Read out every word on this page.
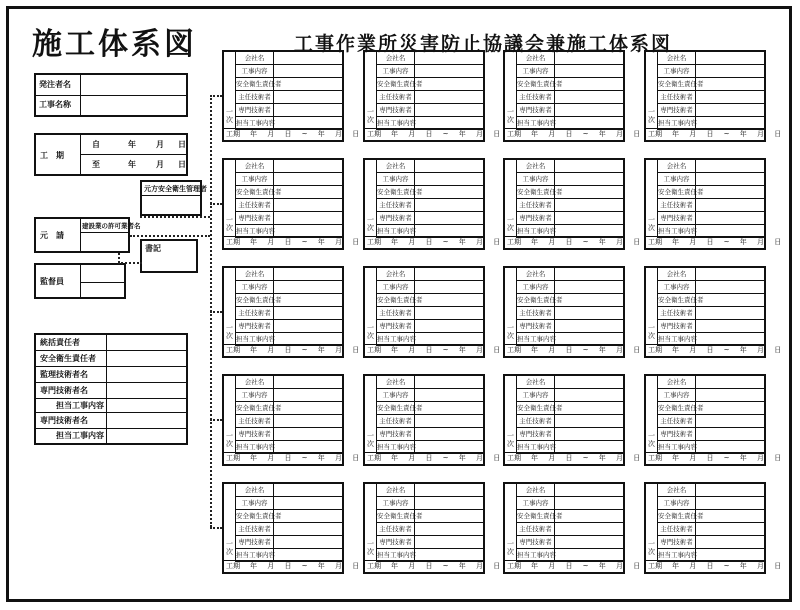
施工体系図	工事作業所災害防止協議会兼施工体系図
発注者名
工事名称
工　期
自	年	月 日
至	年	月 日
元方安全衛生管理者
元　請
建設業の許可業者名
書記
監督員
統括責任者
安全衛生責任者
監理技術者名
専門技術者名
担当工事内容
専門技術者名
担当工事内容
一次
会社名
工事内容
安全衛生責任者
主任技術者
専門技術者
担当工事内容
工期 年 月 日 ~ 年 月 日
一次
会社名
工事内容
安全衛生責任者
主任技術者
専門技術者
担当工事内容
工期 年 月 日 ~ 年 月 日
一次
会社名
工事内容
安全衛生責任者
主任技術者
専門技術者
担当工事内容
工期 年 月 日 ~ 年 月 日
一次
会社名
工事内容
安全衛生責任者
主任技術者
専門技術者
担当工事内容
工期 年 月 日 ~ 年 月 日
一次
会社名
工事内容
安全衛生責任者
主任技術者
専門技術者
担当工事内容
工期 年 月 日 ~ 年 月 日
一次
会社名
工事内容
安全衛生責任者
主任技術者
専門技術者
担当工事内容
工期 年 月 日 ~ 年 月 日
一次
会社名
工事内容
安全衛生責任者
主任技術者
専門技術者
担当工事内容
工期 年 月 日 ~ 年 月 日
一次
会社名
工事内容
安全衛生責任者
主任技術者
専門技術者
担当工事内容
工期 年 月 日 ~ 年 月 日
一次
会社名
工事内容
安全衛生責任者
主任技術者
専門技術者
担当工事内容
工期 年 月 日 ~ 年 月 日
一次
会社名
工事内容
安全衛生責任者
主任技術者
専門技術者
担当工事内容
工期 年 月 日 ~ 年 月 日
一次
会社名
工事内容
安全衛生責任者
主任技術者
専門技術者
担当工事内容
工期 年 月 日 ~ 年 月 日
一次
会社名
工事内容
安全衛生責任者
主任技術者
専門技術者
担当工事内容
工期 年 月 日 ~ 年 月 日
一次
会社名
工事内容
安全衛生責任者
主任技術者
専門技術者
担当工事内容
工期 年 月 日 ~ 年 月 日
一次
会社名
工事内容
安全衛生責任者
主任技術者
専門技術者
担当工事内容
工期 年 月 日 ~ 年 月 日
一次
会社名
工事内容
安全衛生責任者
主任技術者
専門技術者
担当工事内容
工期 年 月 日 ~ 年 月 日
一次
会社名
工事内容
安全衛生責任者
主任技術者
専門技術者
担当工事内容
工期 年 月 日 ~ 年 月 日
一次
会社名
工事内容
安全衛生責任者
主任技術者
専門技術者
担当工事内容
工期 年 月 日 ~ 年 月 日
一次
会社名
工事内容
安全衛生責任者
主任技術者
専門技術者
担当工事内容
工期 年 月 日 ~ 年 月 日
一次
会社名
工事内容
安全衛生責任者
主任技術者
専門技術者
担当工事内容
工期 年 月 日 ~ 年 月 日
一次
会社名
工事内容
安全衛生責任者
主任技術者
専門技術者
担当工事内容
工期 年 月 日 ~ 年 月 日
